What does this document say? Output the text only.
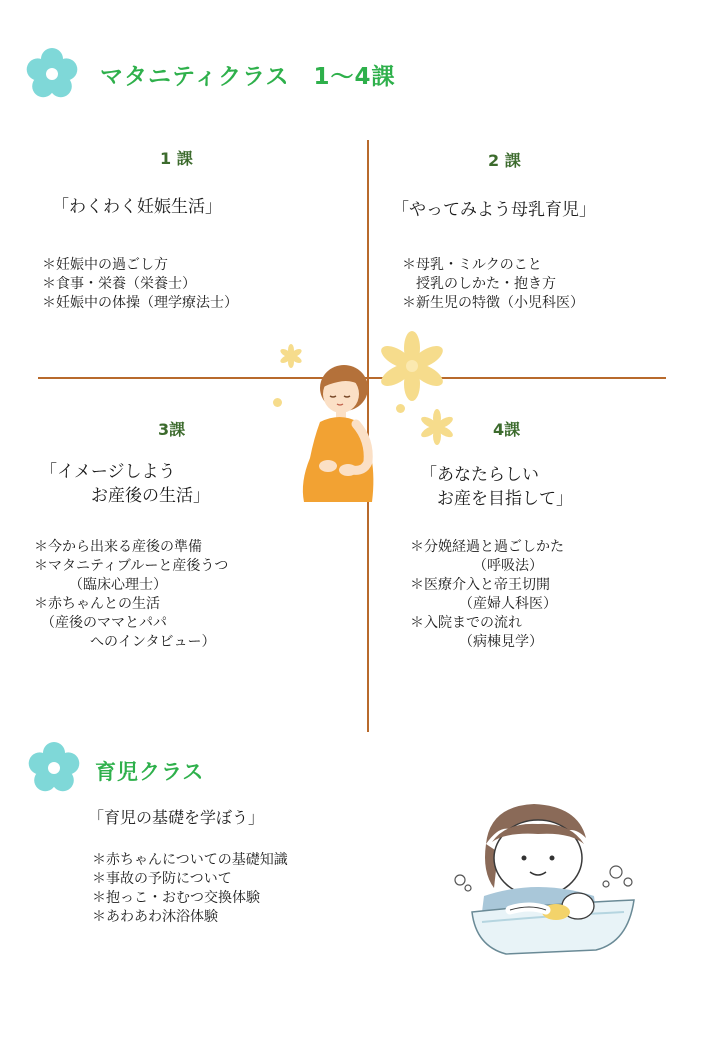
マタニティクラス　1～4課
1 課
「わくわく妊娠生活」
＊妊娠中の過ごし方
＊食事・栄養（栄養士）
＊妊娠中の体操（理学療法士）
2 課
「やってみよう母乳育児」
＊母乳・ミルクのこと
　授乳のしかた・抱き方
＊新生児の特徴（小児科医）
3課
「イメージしよう
　　　お産後の生活」
＊今から出来る産後の準備
＊マタニティブルーと産後うつ
　　　（臨床心理士）
＊赤ちゃんとの生活
　（産後のママとパパ
　　　　へのインタビュー）
4課
「あなたらしい
　お産を目指して」
＊分娩経過と過ごしかた
　　　　　（呼吸法）
＊医療介入と帝王切開
　　　　（産婦人科医）
＊入院までの流れ
　　　　（病棟見学）
育児クラス
「育児の基礎を学ぼう」
＊赤ちゃんについての基礎知識
＊事故の予防について
＊抱っこ・おむつ交換体験
＊あわあわ沐浴体験
